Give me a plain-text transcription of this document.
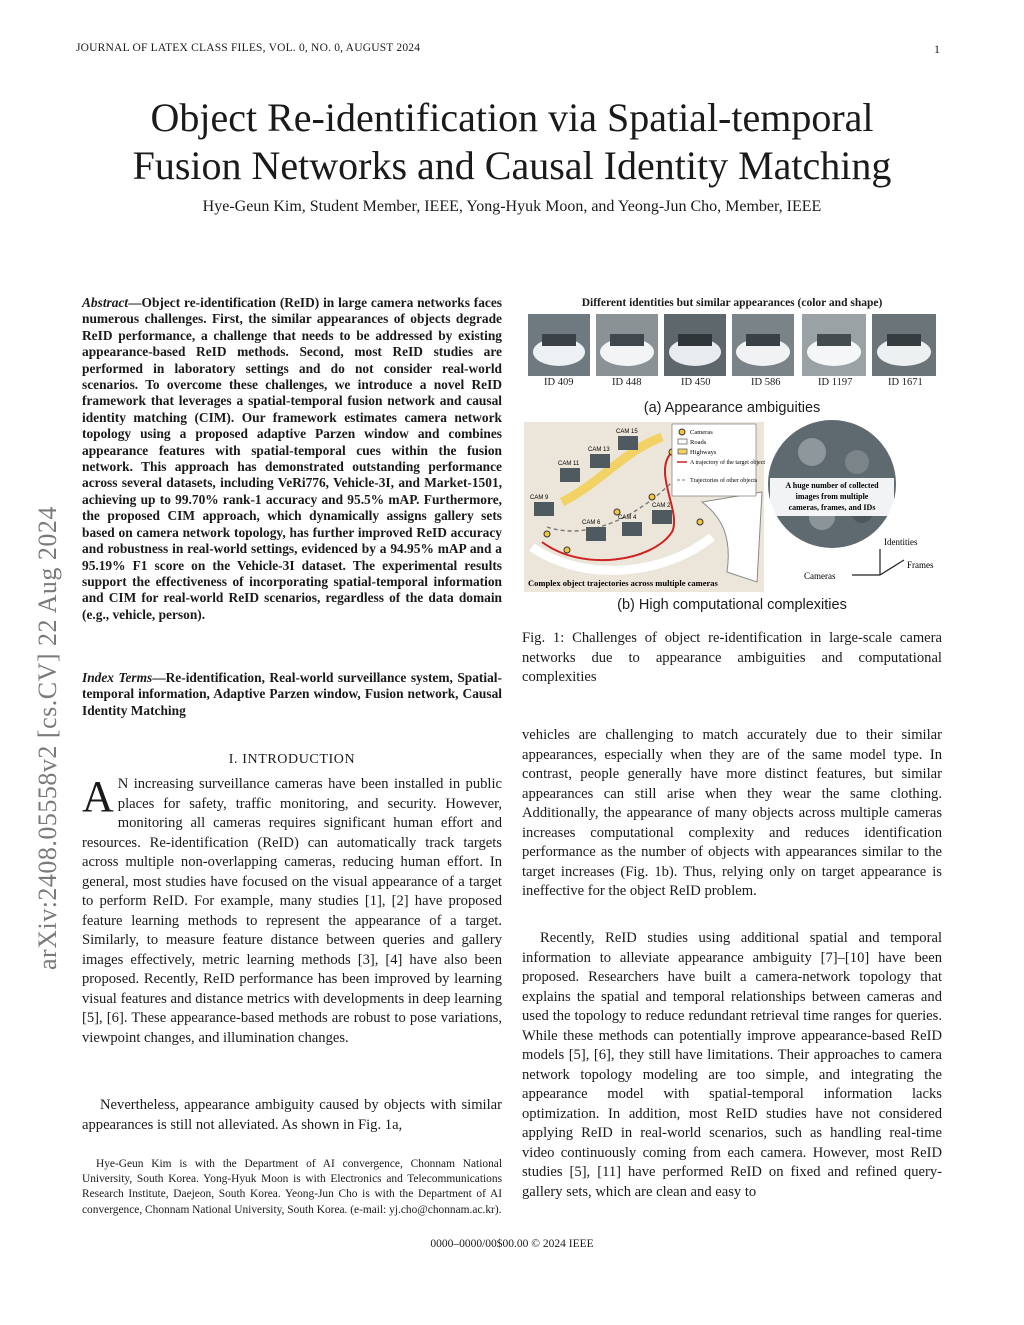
JOURNAL OF LATEX CLASS FILES, VOL. 0, NO. 0, AUGUST 2024	1
Object Re-identification via Spatial-temporal
Fusion Networks and Causal Identity Matching
Hye-Geun Kim, Student Member, IEEE, Yong-Hyuk Moon, and Yeong-Jun Cho, Member, IEEE
arXiv:2408.05558v2 [cs.CV] 22 Aug 2024
Abstract—Object re-identification (ReID) in large camera networks faces numerous challenges. First, the similar appearances of objects degrade ReID performance, a challenge that needs to be addressed by existing appearance-based ReID methods. Second, most ReID studies are performed in laboratory settings and do not consider real-world scenarios. To overcome these challenges, we introduce a novel ReID framework that leverages a spatial-temporal fusion network and causal identity matching (CIM). Our framework estimates camera network topology using a proposed adaptive Parzen window and combines appearance features with spatial-temporal cues within the fusion network. This approach has demonstrated outstanding performance across several datasets, including VeRi776, Vehicle-3I, and Market-1501, achieving up to 99.70% rank-1 accuracy and 95.5% mAP. Furthermore, the proposed CIM approach, which dynamically assigns gallery sets based on camera network topology, has further improved ReID accuracy and robustness in real-world settings, evidenced by a 94.95% mAP and a 95.19% F1 score on the Vehicle-3I dataset. The experimental results support the effectiveness of incorporating spatial-temporal information and CIM for real-world ReID scenarios, regardless of the data domain (e.g., vehicle, person).
Index Terms—Re-identification, Real-world surveillance system, Spatial-temporal information, Adaptive Parzen window, Fusion network, Causal Identity Matching
I. INTRODUCTION
A N increasing surveillance cameras have been installed in public places for safety, traffic monitoring, and security. However, monitoring all cameras requires significant human effort and resources. Re-identification (ReID) can automatically track targets across multiple non-overlapping cameras, reducing human effort. In general, most studies have focused on the visual appearance of a target to perform ReID. For example, many studies [1], [2] have proposed feature learning methods to represent the appearance of a target. Similarly, to measure feature distance between queries and gallery images effectively, metric learning methods [3], [4] have also been proposed. Recently, ReID performance has been improved by learning visual features and distance metrics with developments in deep learning [5], [6]. These appearance-based methods are robust to pose variations, viewpoint changes, and illumination changes.
Nevertheless, appearance ambiguity caused by objects with similar appearances is still not alleviated. As shown in Fig. 1a,
Hye-Geun Kim is with the Department of AI convergence, Chonnam National University, South Korea. Yong-Hyuk Moon is with Electronics and Telecommunications Research Institute, Daejeon, South Korea. Yeong-Jun Cho is with the Department of AI convergence, Chonnam National University, South Korea. (e-mail: yj.cho@chonnam.ac.kr).
Different identities but similar appearances (color and shape)
CAM 9
CAM 11
CAM 13
CAM 15
CAM 6
CAM 4
CAM 2
Cameras
Roads
Highways
A trajectory of the target object
Trajectories of other objects
Complex object trajectories across multiple cameras
A huge number of collected
images from multiple
cameras, frames, and IDs
Identities
Frames
Cameras
ID 409	ID 448	ID 450	ID 586	ID 1197	ID 1671
(a) Appearance ambiguities
(b) High computational complexities
Fig. 1: Challenges of object re-identification in large-scale camera networks due to appearance ambiguities and computational complexities
vehicles are challenging to match accurately due to their similar appearances, especially when they are of the same model type. In contrast, people generally have more distinct features, but similar appearances can still arise when they wear the same clothing. Additionally, the appearance of many objects across multiple cameras increases computational complexity and reduces identification performance as the number of objects with appearances similar to the target increases (Fig. 1b). Thus, relying only on target appearance is ineffective for the object ReID problem.
Recently, ReID studies using additional spatial and temporal information to alleviate appearance ambiguity [7]–[10] have been proposed. Researchers have built a camera-network topology that explains the spatial and temporal relationships between cameras and used the topology to reduce redundant retrieval time ranges for queries. While these methods can potentially improve appearance-based ReID models [5], [6], they still have limitations. Their approaches to camera network topology modeling are too simple, and integrating the appearance model with spatial-temporal information lacks optimization. In addition, most ReID studies have not considered applying ReID in real-world scenarios, such as handling real-time video continuously coming from each camera. However, most ReID studies [5], [11] have performed ReID on fixed and refined query-gallery sets, which are clean and easy to
0000–0000/00$00.00 © 2024 IEEE
